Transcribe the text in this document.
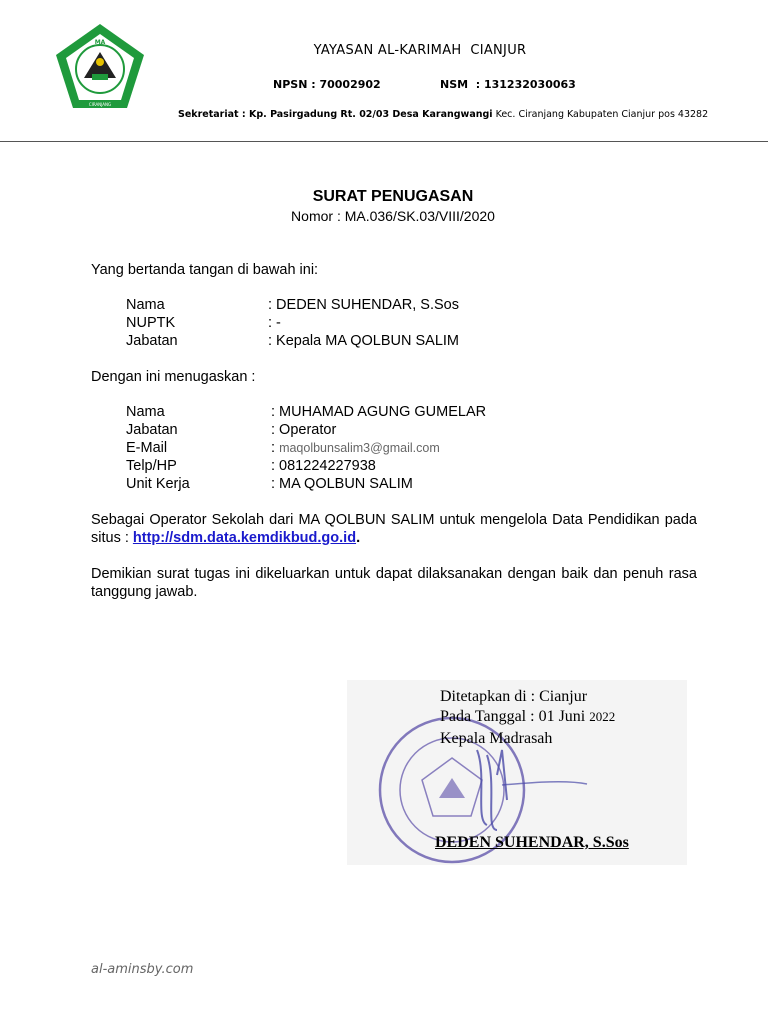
MA
CIRANJANG
YAYASAN AL-KARIMAH  CIANJUR
NPSN : 70002902	NSM  : 131232030063
Sekretariat : Kp. Pasirgadung Rt. 02/03 Desa Karangwangi Kec. Ciranjang Kabupaten Cianjur pos 43282
SURAT PENUGASAN
Nomor : MA.036/SK.03/VIII/2020
Yang bertanda tangan di bawah ini:
Nama	: DEDEN SUHENDAR, S.Sos
NUPTK	: -
Jabatan	: Kepala MA QOLBUN SALIM
Dengan ini menugaskan :
Nama	: MUHAMAD AGUNG GUMELAR
Jabatan	: Operator
E-Mail	: maqolbunsalim3@gmail.com
Telp/HP	: 081224227938
Unit Kerja	: MA QOLBUN SALIM
Sebagai Operator Sekolah dari MA QOLBUN SALIM untuk mengelola Data Pendidikan pada situs : http://sdm.data.kemdikbud.go.id.
Demikian surat tugas ini dikeluarkan untuk dapat dilaksanakan dengan baik dan penuh rasa tanggung jawab.
Ditetapkan di : Cianjur
Pada Tanggal : 01 Juni 2022
Kepala Madrasah
DEDEN SUHENDAR, S.Sos
al-aminsby.com
